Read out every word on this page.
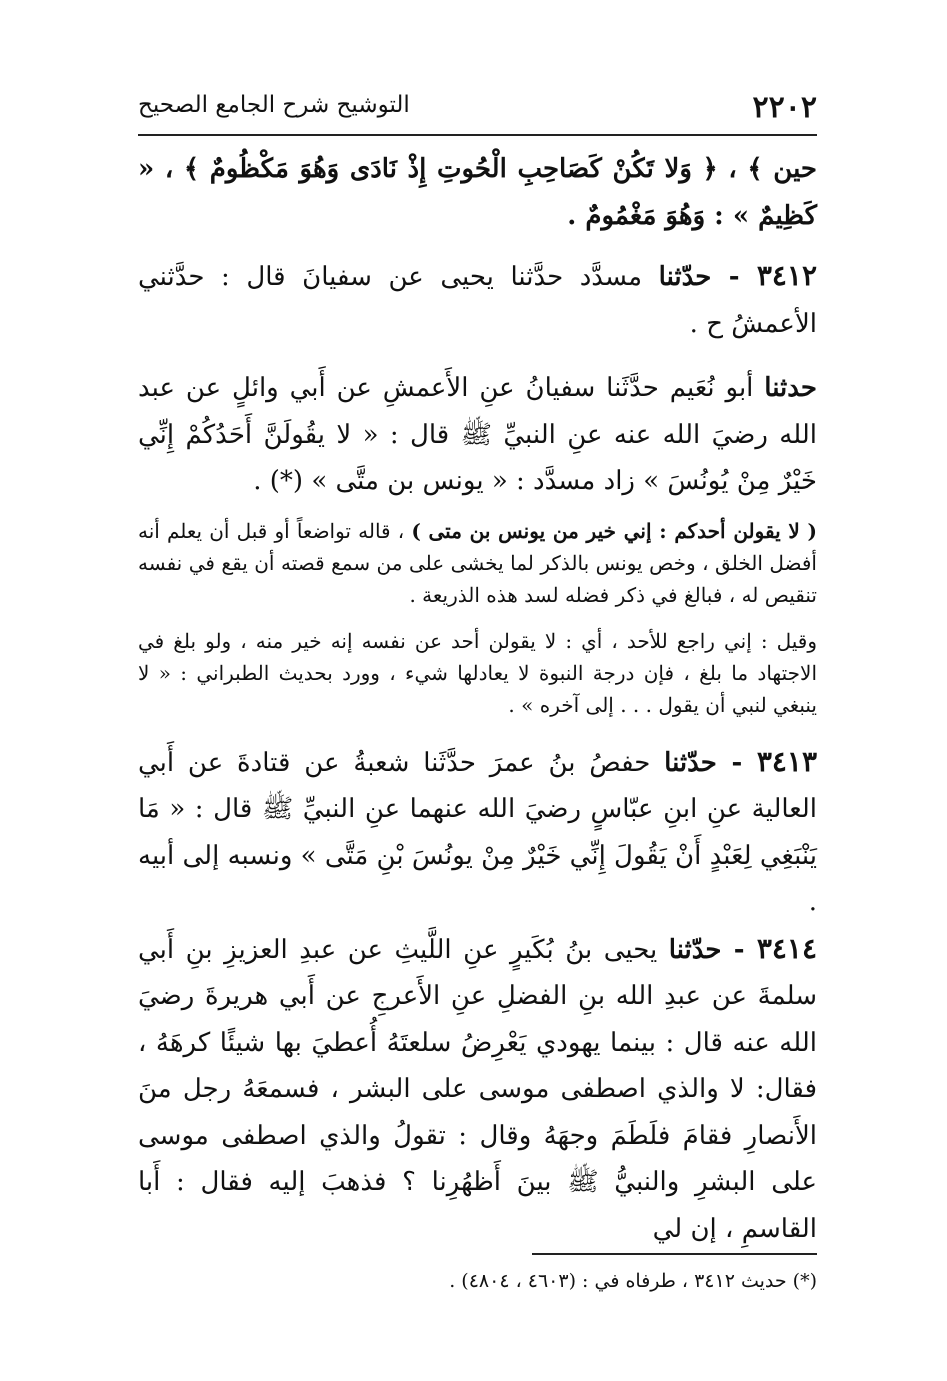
٢٢٠٢
التوشيح شرح الجامع الصحيح

حين ﴾ ، ﴿ وَلا تَكُنْ كَصَاحِبِ الْحُوتِ إِذْ نَادَى وَهُوَ مَكْظُومٌ ﴾ ، « كَظِيمٌ » : وَهُوَ مَغْمُومٌ .

٣٤١٢ - حدّثنا مسدَّد حدَّثنا يحيى عن سفيانَ قال : حدَّثني الأعمشُ ح .

حدثنا أبو نُعَيم حدَّثَنا سفيانُ عنِ الأَعمشِ عن أَبي وائلٍ عن عبد الله رضيَ الله عنه عنِ النبيِّ ﷺ قال : « لا يقُولَنَّ أَحَدُكُمْ إِنِّي خَيْرٌ مِنْ يُونُسَ » زاد مسدَّد : « يونس بن متَّى » (*) .

( لا يقولن أحدكم : إني خير من يونس بن متى ) ، قاله تواضعاً أو قبل أن يعلم أنه أفضل الخلق ، وخص يونس بالذكر لما يخشى على من سمع قصته أن يقع في نفسه تنقيص له ، فبالغ في ذكر فضله لسد هذه الذريعة .

وقيل : إني راجع للأحد ، أي : لا يقولن أحد عن نفسه إنه خير منه ، ولو بلغ في الاجتهاد ما بلغ ، فإن درجة النبوة لا يعادلها شيء ، وورد بحديث الطبراني : « لا ينبغي لنبي أن يقول . . . إلى آخره » .

٣٤١٣ - حدّثنا حفصُ بنُ عمرَ حدَّثَنا شعبةُ عن قتادةَ عن أَبي العالية عنِ ابنِ عبّاسٍ رضيَ الله عنهما عنِ النبيِّ ﷺ قال : « مَا يَنْبَغِي لِعَبْدٍ أَنْ يَقُولَ إِنِّي خَيْرٌ مِنْ يونُسَ بْنِ مَتَّى » ونسبه إلى أبيه .

٣٤١٤ - حدّثنا يحيى بنُ بُكَيرٍ عنِ اللَّيثِ عن عبدِ العزيزِ بنِ أَبي سلمةَ عن عبدِ الله بنِ الفضلِ عنِ الأَعرجِ عن أَبي هريرةَ رضيَ الله عنه قال : بينما يهودي يَعْرِضُ سلعتَهُ أُعطيَ بها شيئًا كرهَهُ ، فقال: لا والذي اصطفى موسى على البشر ، فسمعَهُ رجل منَ الأَنصارِ فقامَ فلَطَمَ وجهَهُ وقال : تقولُ والذي اصطفى موسى على البشرِ والنبيُّ ﷺ بينَ أَظهُرِنا ؟ فذهبَ إليه فقال : أَبا القاسمِ ، إن لي

(*) حديث ٣٤١٢ ، طرفاه في : (٤٦٠٣ ، ٤٨٠٤) .
